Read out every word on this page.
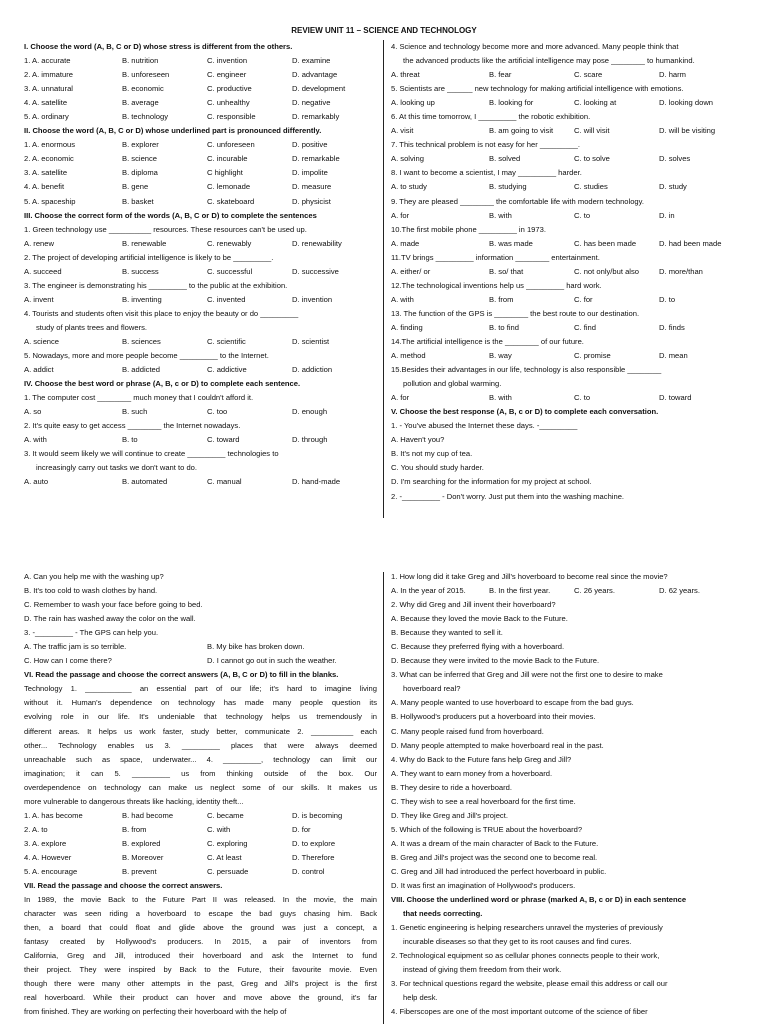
REVIEW UNIT 11 – SCIENCE AND TECHNOLOGY
I. Choose the word (A, B, C or D) whose stress is different from the others.
1. A. accurate	B. nutrition	C. invention	D. examine
2. A. immature	B. unforeseen	C. engineer	D. advantage
3. A. unnatural	B. economic	C. productive	D. development
4. A. satellite	B. average	C. unhealthy	D. negative
5. A. ordinary	B. technology	C. responsible	D. remarkably
II. Choose the word (A, B, C or D) whose underlined part is pronounced differently.
1. A. enormous	B. explorer	C. unforeseen	D. positive
2. A. economic	B. science	C. incurable	D. remarkable
3. A. satellite	B. diploma	C highlight	D. impolite
4. A. benefit	B. gene	C. lemonade	D. measure
5. A. spaceship	B. basket	C. skateboard	D. physicist
III. Choose the correct form of the words (A, B, C or D) to complete the sentences
1. Green technology use __________ resources. These resources can't be used up.
A. renew	B. renewable	C. renewably	D. renewability
2. The project of developing artificial intelligence is likely to be _________.
A. succeed	B. success	C. successful	D. successive
3. The engineer is demonstrating his _________ to the public at the exhibition.
A. invent	B. inventing	C. invented	D. invention
4. Tourists and students often visit this place to enjoy the beauty or do _________
study of plants trees and flowers.
A. science	B. sciences	C. scientific	D. scientist
5. Nowadays, more and more people become _________ to the Internet.
A. addict	B. addicted	C. addictive	D. addiction
IV. Choose the best word or phrase (A, B, c or D) to complete each sentence.
1. The computer cost ________ much money that I couldn't afford it.
A. so	B. such	C. too	D. enough
2. It's quite easy to get access ________ the Internet nowadays.
A. with	B. to	C. toward	D. through
3. It would seem likely we will continue to create _________ technologies to
increasingly carry out tasks we don't want to do.
A. auto	B. automated	C. manual	D. hand-made
4. Science and technology become more and more advanced. Many people think that
the advanced products like the artificial intelligence may pose ________ to humankind.
A. threat	B. fear	C. scare	D. harm
5. Scientists are ______ new technology for making artificial intelligence with emotions.
A. looking up	B. looking for	C. looking at	D. looking down
6. At this time tomorrow, I _________ the robotic exhibition.
A. visit	B. am going to visit	C. will visit	D. will be visiting
7. This technical problem is not easy for her _________.
A. solving	B. solved	C. to solve	D. solves
8. I want to become a scientist, I may _________ harder.
A. to study	B. studying	C. studies	D. study
9. They are pleased ________ the comfortable life with modern technology.
A. for	B. with	C. to	D. in
10.The first mobile phone _________ in 1973.
A. made	B. was made	C. has been made	D. had been made
11.TV brings _________ information ________ entertainment.
A. either/ or	B. so/ that	C. not only/but also	D. more/than
12.The technological inventions help us _________ hard work.
A. with	B. from	C. for	D. to
13. The function of the GPS is ________ the best route to our destination.
A. finding	B. to find	C. find	D. finds
14.The artificial intelligence is the ________ of our future.
A. method	B. way	C. promise	D. mean
15.Besides their advantages in our life, technology is also responsible ________
pollution and global warming.
A. for	B. with	C. to	D. toward
V. Choose the best response (A, B, c or D) to complete each conversation.
1. - You've abused the Internet these days. -_________
A. Haven't you?
B. It's not my cup of tea.
C. You should study harder.
D. I'm searching for the information for my project at school.
2. -_________ - Don't worry. Just put them into the washing machine.
A. Can you help me with the washing up?
B. It's too cold to wash clothes by hand.
C. Remember to wash your face before going to bed.
D. The rain has washed away the color on the wall.
3. -_________ - The GPS can help you.
A. The traffic jam is so terrible.	B. My bike has broken down.
C. How can I come there?	D. I cannot go out in such the weather.
VI. Read the passage and choose the correct answers (A, B, C or D) to fill in the blanks.
Technology 1. ___________ an essential part of our life; it's hard to imagine living
without it. Human's dependence on technology has made many people question its
evolving role in our life. It's undeniable that technology helps us tremendously in
different areas. It helps us work faster, study better, communicate 2. __________ each
other... Technology enables us 3. _________ places that were always deemed
unreachable such as space, underwater... 4. _________, technology can limit our
imagination; it can 5. _________ us from thinking outside of the box. Our
overdependence on technology can make us neglect some of our skills. It makes us
more vulnerable to dangerous threats like hacking, identity theft...
1. A. has become	B. had become	C. became	D. is becoming
2. A. to	B. from	C. with	D. for
3. A. explore	B. explored	C. exploring	D. to explore
4. A. However	B. Moreover	C. At least	D. Therefore
5. A. encourage	B. prevent	C. persuade	D. control
VII. Read the passage and choose the correct answers.
In 1989, the movie Back to the Future Part II was released. In the movie, the main
character was seen riding a hoverboard to escape the bad guys chasing him. Back
then, a board that could float and glide above the ground was just a concept, a
fantasy created by Hollywood's producers. In 2015, a pair of inventors from
California, Greg and Jill, introduced their hoverboard and ask the Internet to fund
their project. They were inspired by Back to the Future, their favourite movie. Even
though there were many other attempts in the past, Greg and Jill's project is the first
real hoverboard. While their product can hover and move above the ground, it's far
from finished. They are working on perfecting their hoverboard with the help of
1. How long did it take Greg and Jill's hoverboard to become real since the movie?
A. In the year of 2015.	B. In the first year.	C. 26 years.	D. 62 years.
2. Why did Greg and Jill invent their hoverboard?
A. Because they loved the movie Back to the Future.
B. Because they wanted to sell it.
C. Because they preferred flying with a hoverboard.
D. Because they were invited to the movie Back to the Future.
3. What can be inferred that Greg and Jill were not the first one to desire to make
hoverboard real?
A. Many people wanted to use hoverboard to escape from the bad guys.
B. Hollywood's producers put a hoverboard into their movies.
C. Many people raised fund from hoverboard.
D. Many people attempted to make hoverboard real in the past.
4. Why do Back to the Future fans help Greg and Jill?
A. They want to earn money from a hoverboard.
B. They desire to ride a hoverboard.
C. They wish to see a real hoverboard for the first time.
D. They like Greg and Jill's project.
5. Which of the following is TRUE about the hoverboard?
A. It was a dream of the main character of Back to the Future.
B. Greg and Jill's project was the second one to become real.
C. Greg and Jill had introduced the perfect hoverboard in public.
D. It was first an imagination of Hollywood's producers.
VIII. Choose the underlined word or phrase (marked A, B, c or D) in each sentence
that needs correcting.
1. Genetic engineering is helping researchers unravel the mysteries of previously
incurable diseases so that they get to its root causes and find cures.
2. Technological equipment so as cellular phones connects people to their work,
instead of giving them freedom from their work.
3. For technical questions regard the website, please email this address or call our
help desk.
4. Fiberscopes are one of the most important outcome of the science of fiber
